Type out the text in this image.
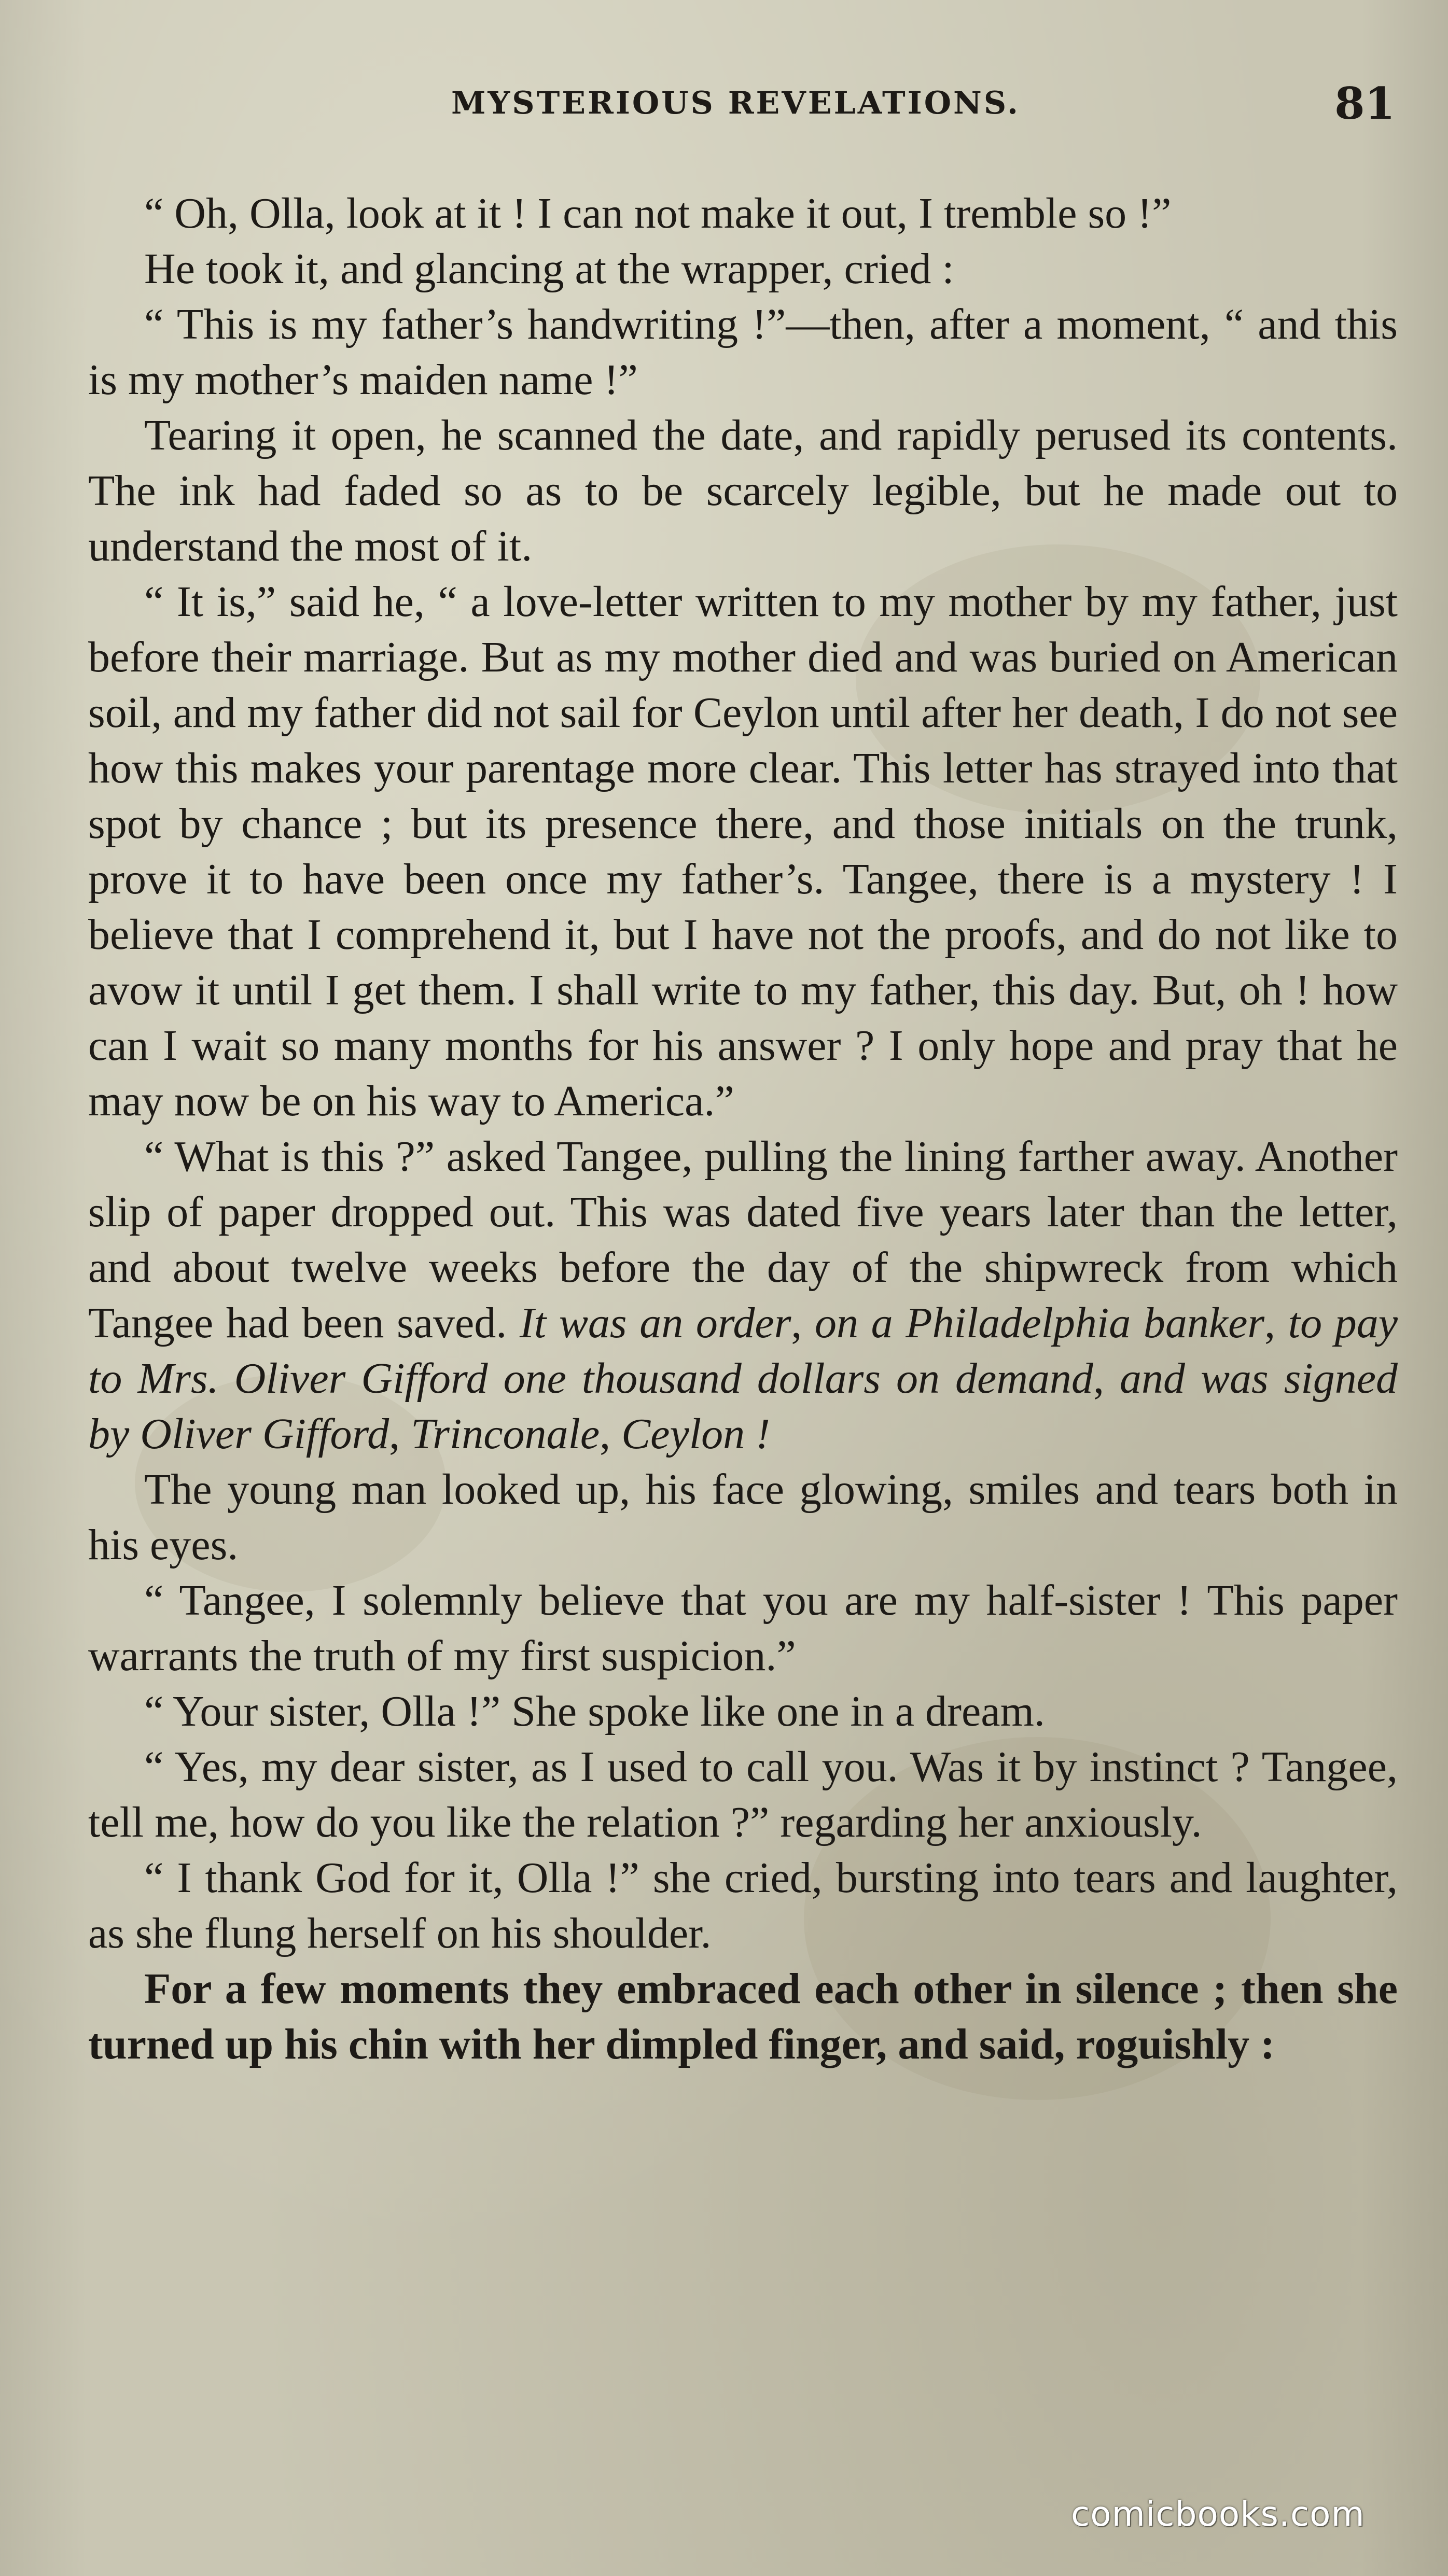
MYSTERIOUS REVELATIONS.	81

“ Oh, Olla, look at it ! I can not make it out, I tremble so !”

He took it, and glancing at the wrapper, cried :

“ This is my father’s handwriting !”—then, after a moment, “ and this is my mother’s maiden name !”

Tearing it open, he scanned the date, and rapidly perused its contents. The ink had faded so as to be scarcely legible, but he made out to understand the most of it.

“ It is,” said he, “ a love-letter written to my mother by my father, just before their marriage. But as my mother died and was buried on American soil, and my father did not sail for Ceylon until after her death, I do not see how this makes your parentage more clear. This letter has strayed into that spot by chance ; but its presence there, and those initials on the trunk, prove it to have been once my father’s. Tangee, there is a mystery ! I believe that I comprehend it, but I have not the proofs, and do not like to avow it until I get them. I shall write to my father, this day. But, oh ! how can I wait so many months for his answer ? I only hope and pray that he may now be on his way to America.”

“ What is this ?” asked Tangee, pulling the lining farther away. Another slip of paper dropped out. This was dated five years later than the letter, and about twelve weeks before the day of the shipwreck from which Tangee had been saved. It was an order, on a Philadelphia banker, to pay to Mrs. Oliver Gifford one thousand dollars on demand, and was signed by Oliver Gifford, Trinconale, Ceylon !

The young man looked up, his face glowing, smiles and tears both in his eyes.

“ Tangee, I solemnly believe that you are my half-sister ! This paper warrants the truth of my first suspicion.”

“ Your sister, Olla !” She spoke like one in a dream.

“ Yes, my dear sister, as I used to call you. Was it by instinct ? Tangee, tell me, how do you like the relation ?” regarding her anxiously.

“ I thank God for it, Olla !” she cried, bursting into tears and laughter, as she flung herself on his shoulder.

For a few moments they embraced each other in silence ; then she turned up his chin with her dimpled finger, and said, roguishly :

comicbooks.com
